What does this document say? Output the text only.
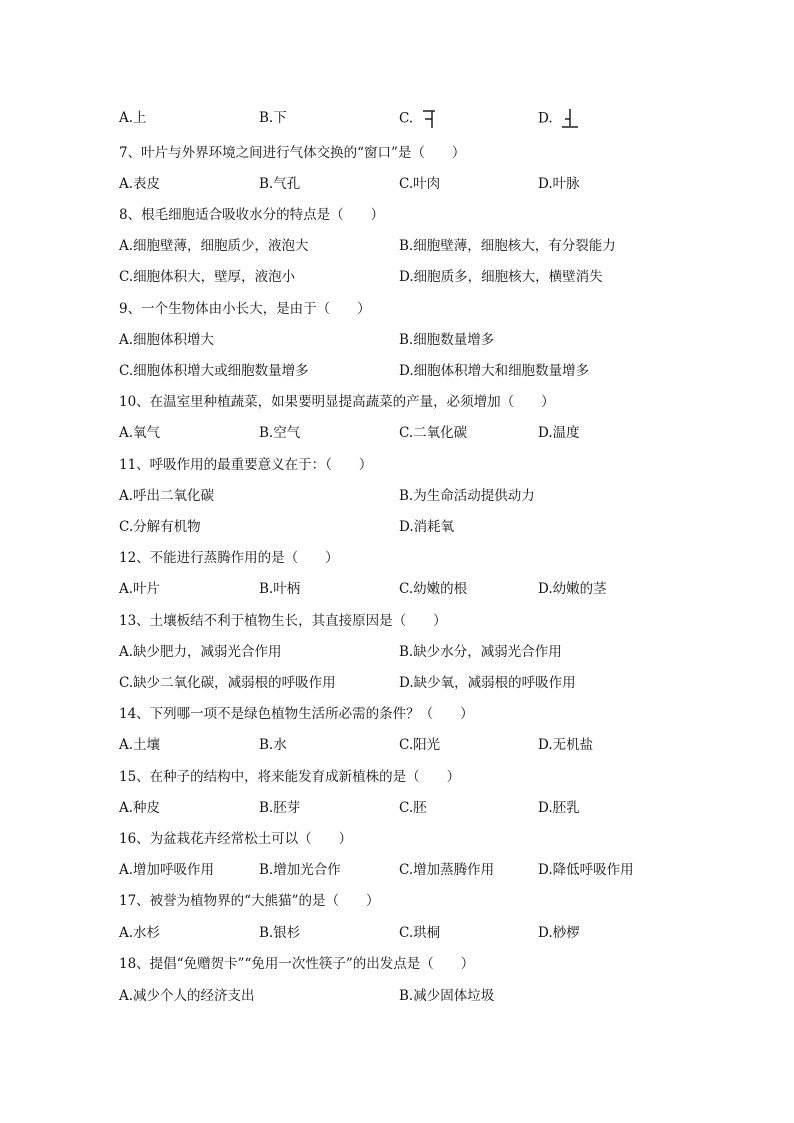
A.上	B.下	C.	D.
7、叶片与外界环境之间进行气体交换的“窗口”是（　　）
A.表皮	B.气孔	C.叶肉	D.叶脉
8、根毛细胞适合吸收水分的特点是（　　）
A.细胞壁薄，细胞质少，液泡大	B.细胞壁薄，细胞核大，有分裂能力
C.细胞体积大，壁厚，液泡小	D.细胞质多，细胞核大，横壁消失
9、一个生物体由小长大，是由于（　　）
A.细胞体积增大	B.细胞数量增多
C.细胞体积增大或细胞数量增多	D.细胞体积增大和细胞数量增多
10、在温室里种植蔬菜，如果要明显提高蔬菜的产量，必须增加（　　）
A.氧气	B.空气	C.二氧化碳	D.温度
11、呼吸作用的最重要意义在于：（　　）
A.呼出二氧化碳	B.为生命活动提供动力
C.分解有机物	D.消耗氧
12、不能进行蒸腾作用的是（　　）
A.叶片	B.叶柄	C.幼嫩的根	D.幼嫩的茎
13、土壤板结不利于植物生长，其直接原因是（　　）
A.缺少肥力，减弱光合作用	B.缺少水分，减弱光合作用
C.缺少二氧化碳，减弱根的呼吸作用	D.缺少氧，减弱根的呼吸作用
14、下列哪一项不是绿色植物生活所必需的条件？（　　）
A.土壤	B.水	C.阳光	D.无机盐
15、在种子的结构中，将来能发育成新植株的是（　　）
A.种皮	B.胚芽	C.胚	D.胚乳
16、为盆栽花卉经常松土可以（　　）
A.增加呼吸作用	B.增加光合作	C.增加蒸腾作用	D.降低呼吸作用
17、被誉为植物界的“大熊猫”的是（　　）
A.水杉	B.银杉	C.珙桐	D.桫椤
18、提倡“免赠贺卡”“免用一次性筷子”的出发点是（　　）
A.减少个人的经济支出	B.减少固体垃圾
